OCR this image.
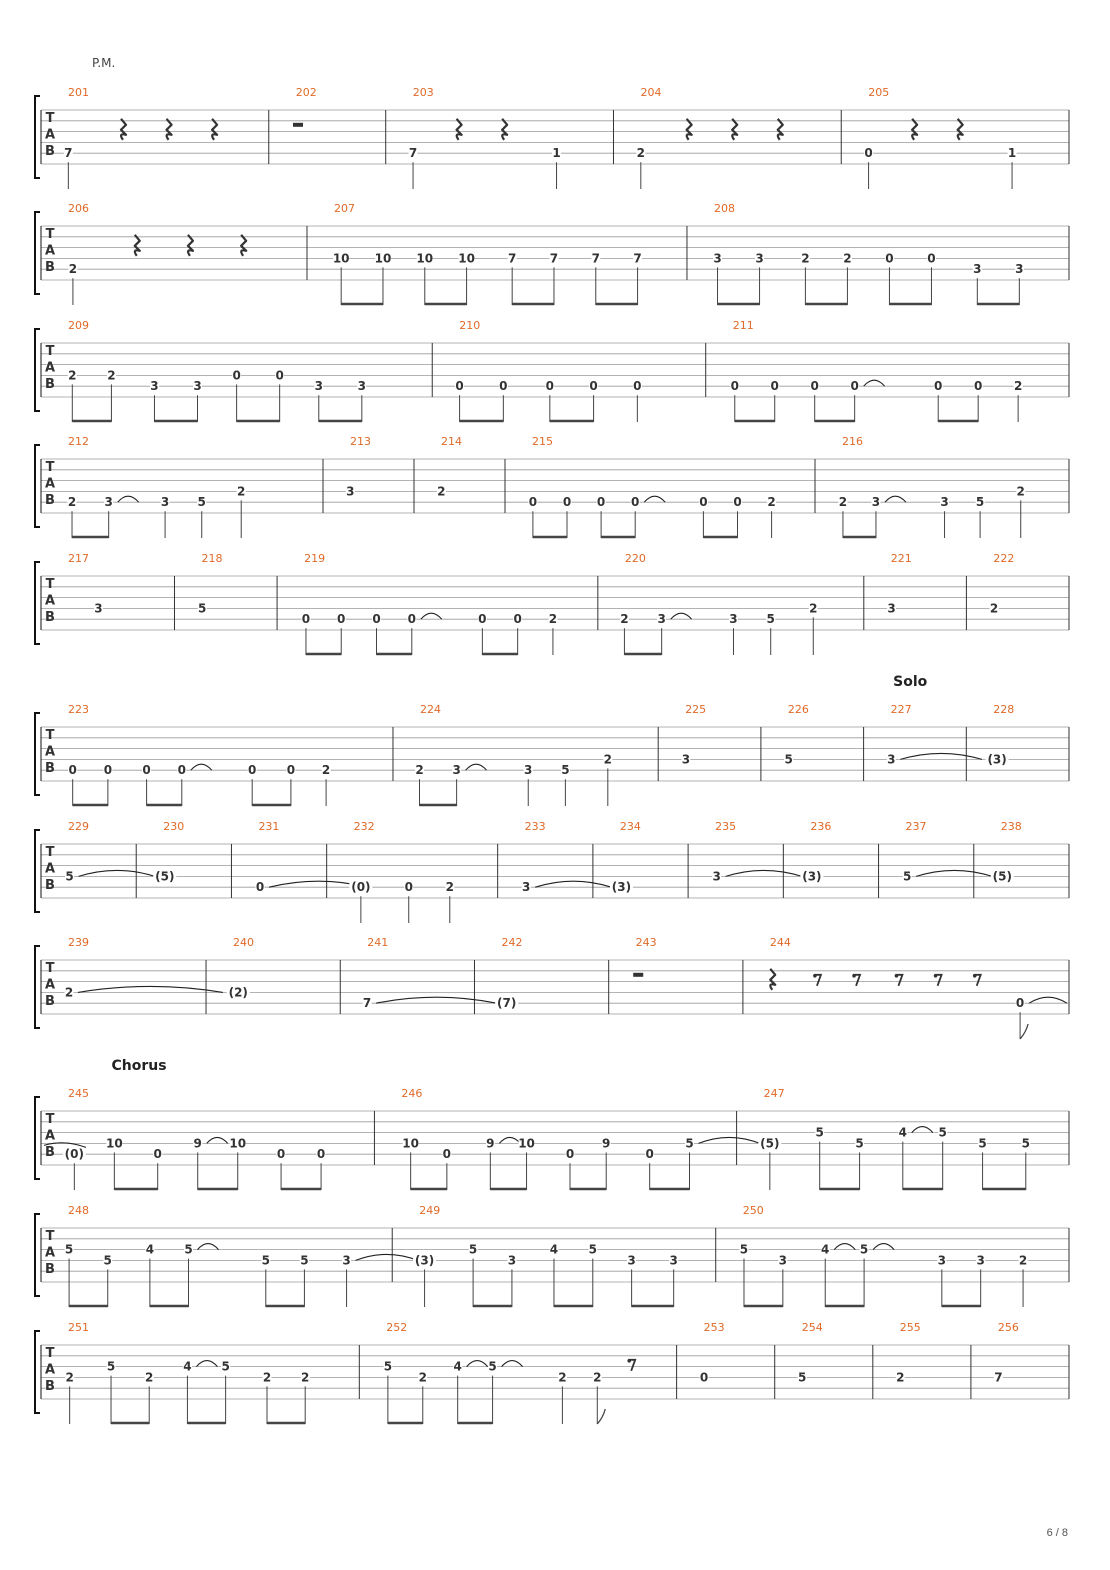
T
A
B
P.M.
201
7
202	203
7	1
204
2
205
0	1
T
A
B
206
2
207
10 10 10 10	7	7	7	7
208
3	3	2	2	0	0
3	3
T
A
B
209
2	2
3	3
0	0
3	3
210
0	0	0	0	0
211
0	0	0	0	0	0	2
T
A
B
212
2 3	3 5
2
213
3
214
2
215
0 0 0 0	0 0 2
216
2 3	3 5
2
T
A
B
217
3
218
5
219
0 0 0 0	0 0 2
220
2 3	3 5
2
221
3
222
2
T
A
B
Solo
223
0 0	0 0	0	0 2
224
2 3	3 5
2
225
3
226
5
227
3
228
(3)
T
A
B
229
5
230
(5)
231
0
232
(0)	0	2
233
3
234
(3)
235
3
236
(3)
237
5
238
(5)
T
A
B
239
2
240
(2)
241
7
242
(7)
243	244
0
T
A
B
Chorus
245
(0)
10
0
9 10
0	0
246
10
0
9 10
0
9
0
5
247
(5)
5
5
4	5
5	5
T
A
B
248
5
5
4	5
5	5	3
249
(3)
5
3
4	5
3	3
250
5
3
4	5
3	3	2
T
A
B
251
2
5
2
4 5
2 2
252
5
2
4 5
2 2
253
0
254
5
255
2
256
7
6 / 8
